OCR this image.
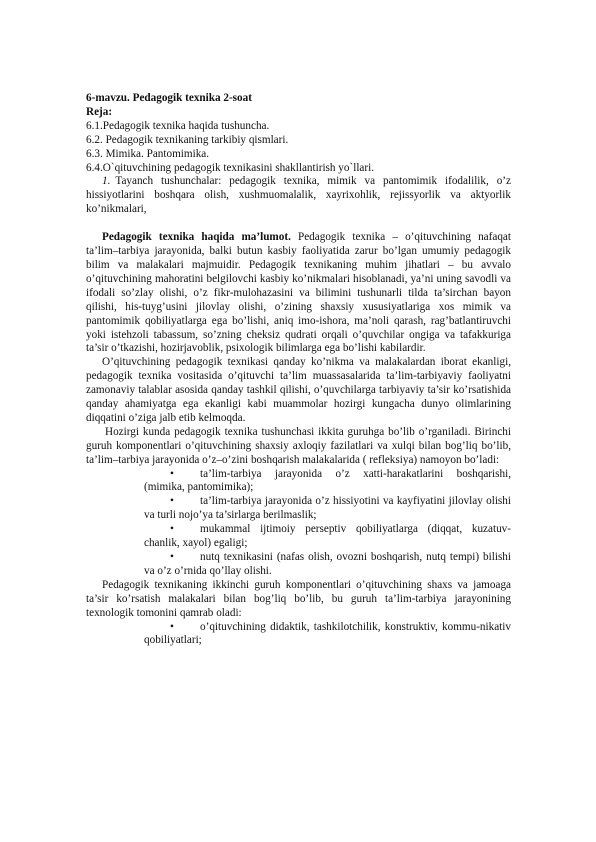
6-mavzu. Pedagogik texnika 2-soat
Reja:
6.1.Pedagogik texnika haqida tushuncha.
6.2. Pedagogik texnikaning tarkibiy qismlari.
6.3. Mimika. Pantomimika.
6.4.O`qituvchining pedagogik texnikasini shakllantirish yo`llari.

1. Tayanch tushunchalar: pedagogik texnika, mimik va pantomimik ifodalilik, o’z hissiyotlarini boshqara olish, xushmuomalalik, xayrixohlik, rejissyorlik va aktyorlik ko’nikmalari,

Pedagogik texnika haqida ma’lumot. Pedagogik texnika – o’qituvchining nafaqat ta’lim–tarbiya jarayonida, balki butun kasbiy faoliyatida zarur bo’lgan umumiy pedagogik bilim va malakalari majmuidir. Pedagogik texnikaning muhim jihatlari – bu avvalo o’qituvchining mahoratini belgilovchi kasbiy ko’nikmalari hisoblanadi, ya’ni uning savodli va ifodali so’zlay olishi, o’z fikr-mulohazasini va bilimini tushunarli tilda ta’sirchan bayon qilishi, his-tuyg’usini jilovlay olishi, o’zining shaxsiy xususiyatlariga xos mimik va pantomimik qobiliyatlarga ega bo’lishi, aniq imo-ishora, ma’noli qarash, rag’batlantiruvchi yoki istehzoli tabassum, so’zning cheksiz qudrati orqali o’quvchilar ongiga va tafakkuriga ta’sir o’tkazishi, hozirjavoblik, psixologik bilimlarga ega bo’lishi kabilardir.

O’qituvchining pedagogik texnikasi qanday ko’nikma va malakalardan iborat ekanligi, pedagogik texnika vositasida o’qituvchi ta’lim muassasalarida ta’lim-tarbiyaviy faoliyatni zamonaviy talablar asosida qanday tashkil qilishi, o’quvchilarga tarbiyaviy ta’sir ko’rsatishida qanday ahamiyatga ega ekanligi kabi muammolar hozirgi kungacha dunyo olimlarining diqqatini o’ziga jalb etib kelmoqda.

Hozirgi kunda pedagogik texnika tushunchasi ikkita guruhga bo’lib o’rganiladi. Birinchi guruh komponentlari o’qituvchining shaxsiy axloqiy fazilatlari va xulqi bilan bog’liq bo’lib, ta’lim–tarbiya jarayonida o’z–o’zini boshqarish malakalarida ( refleksiya) namoyon bo’ladi:

• ta’lim-tarbiya jarayonida o’z xatti-harakatlarini boshqarishi, (mimika, pantomimika);
• ta’lim-tarbiya jarayonida o’z hissiyotini va kayfiyatini jilovlay olishi va turli nojo’ya ta’sirlarga berilmaslik;
• mukammal ijtimoiy perseptiv qobiliyatlarga (diqqat, kuzatuv-chanlik, xayol) egaligi;
• nutq texnikasini (nafas olish, ovozni boshqarish, nutq tempi) bilishi va o’z o’rnida qo’llay olishi.

Pedagogik texnikaning ikkinchi guruh komponentlari o’qituvchining shaxs va jamoaga ta’sir ko’rsatish malakalari bilan bog’liq bo’lib, bu guruh ta’lim-tarbiya jarayonining texnologik tomonini qamrab oladi:

• o’qituvchining didaktik, tashkilotchilik, konstruktiv, kommu-nikativ qobiliyatlari;
